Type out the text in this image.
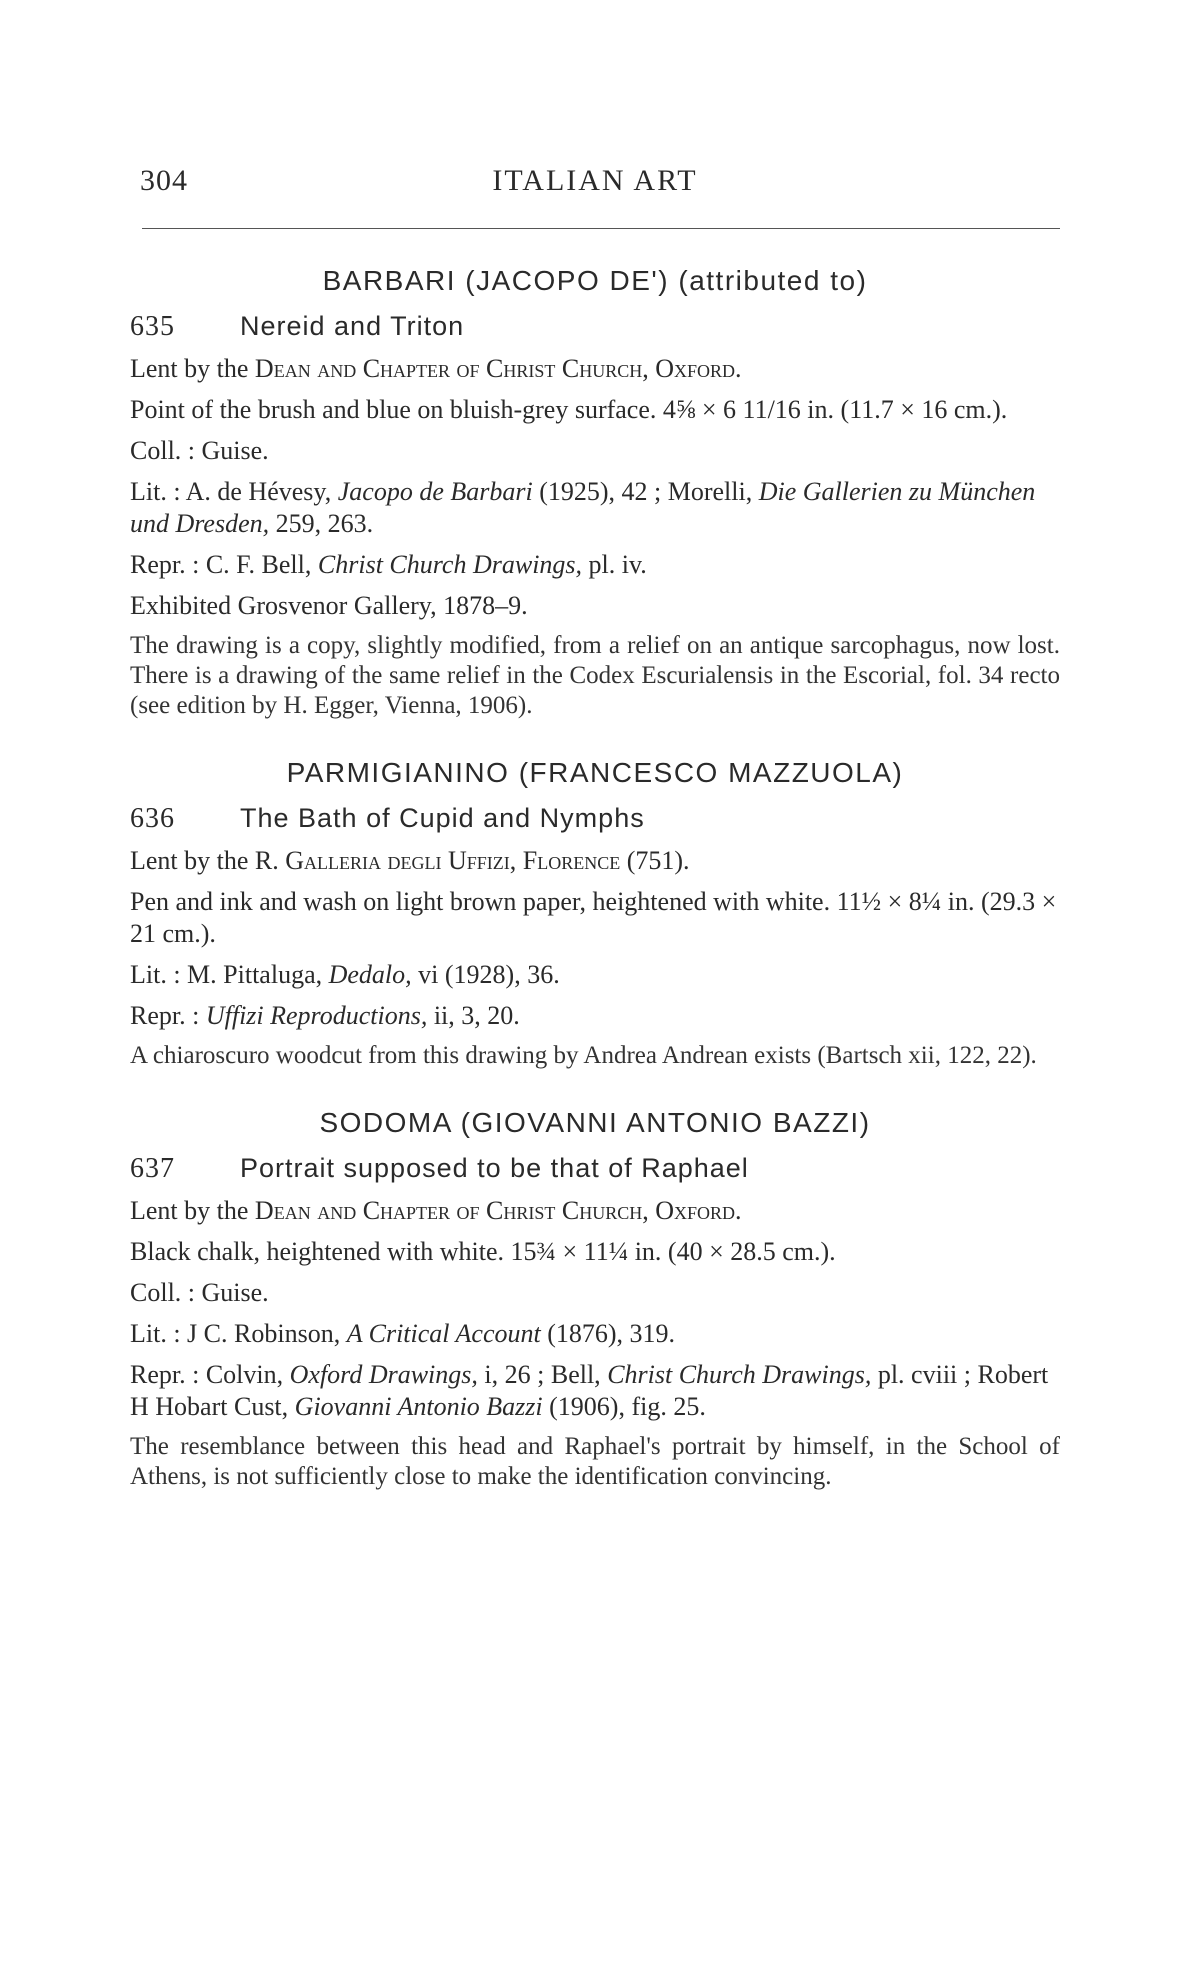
304	ITALIAN ART
BARBARI (JACOPO DE') (attributed to)
635	Nereid and Triton
Lent by the Dean and Chapter of Christ Church, Oxford.
Point of the brush and blue on bluish-grey surface. 4⅝ × 6 11/16 in. (11.7 × 16 cm.).
Coll. : Guise.
Lit. : A. de Hévesy, Jacopo de Barbari (1925), 42 ; Morelli, Die Gallerien zu München und Dresden, 259, 263.
Repr. : C. F. Bell, Christ Church Drawings, pl. iv.
Exhibited Grosvenor Gallery, 1878–9.
The drawing is a copy, slightly modified, from a relief on an antique sarcophagus, now lost. There is a drawing of the same relief in the Codex Escurialensis in the Escorial, fol. 34 recto (see edition by H. Egger, Vienna, 1906).
PARMIGIANINO (FRANCESCO MAZZUOLA)
636	The Bath of Cupid and Nymphs
Lent by the R. Galleria degli Uffizi, Florence (751).
Pen and ink and wash on light brown paper, heightened with white. 11½ × 8¼ in. (29.3 × 21 cm.).
Lit. : M. Pittaluga, Dedalo, vi (1928), 36.
Repr. : Uffizi Reproductions, ii, 3, 20.
A chiaroscuro woodcut from this drawing by Andrea Andrean exists (Bartsch xii, 122, 22).
SODOMA (GIOVANNI ANTONIO BAZZI)
637	Portrait supposed to be that of Raphael
Lent by the Dean and Chapter of Christ Church, Oxford.
Black chalk, heightened with white. 15¾ × 11¼ in. (40 × 28.5 cm.).
Coll. : Guise.
Lit. : J C. Robinson, A Critical Account (1876), 319.
Repr. : Colvin, Oxford Drawings, i, 26 ; Bell, Christ Church Drawings, pl. cviii ; Robert H Hobart Cust, Giovanni Antonio Bazzi (1906), fig. 25.
The resemblance between this head and Raphael's portrait by himself, in the School of Athens, is not sufficiently close to make the identification convincing.
